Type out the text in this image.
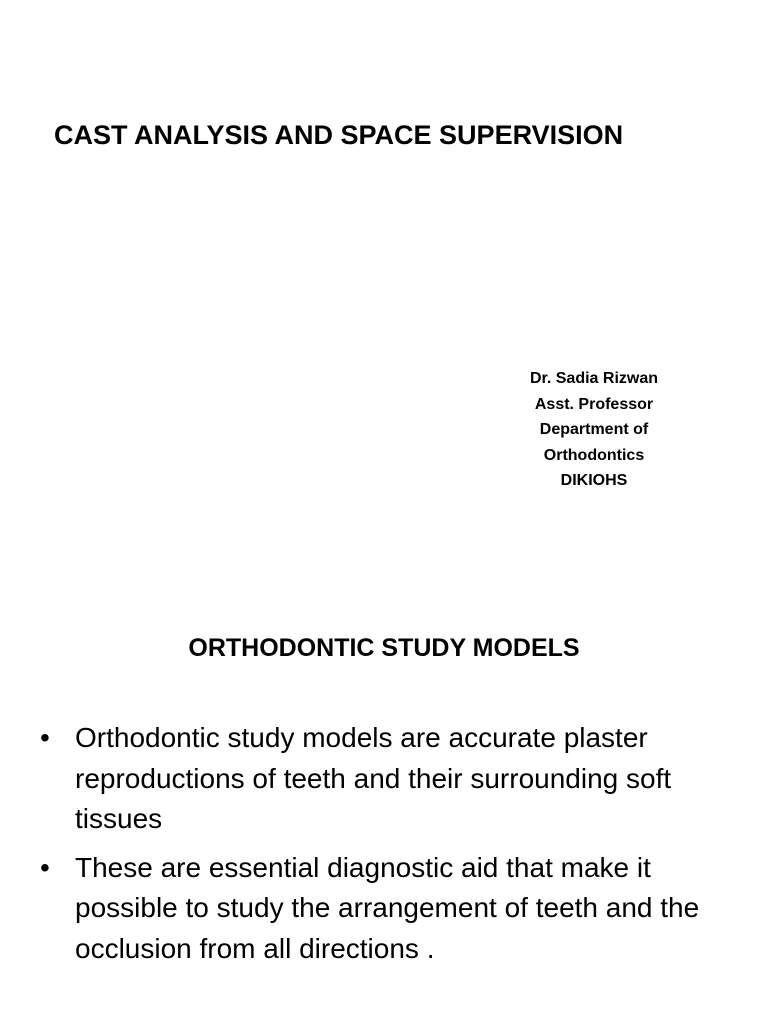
CAST ANALYSIS AND SPACE SUPERVISION
Dr. Sadia Rizwan
Asst. Professor
Department of
Orthodontics
DIKIOHS
ORTHODONTIC STUDY MODELS
• Orthodontic study models are accurate plaster reproductions of teeth and their surrounding soft tissues
• These are essential diagnostic aid that make it possible to study the arrangement of teeth and the occlusion from all directions .
